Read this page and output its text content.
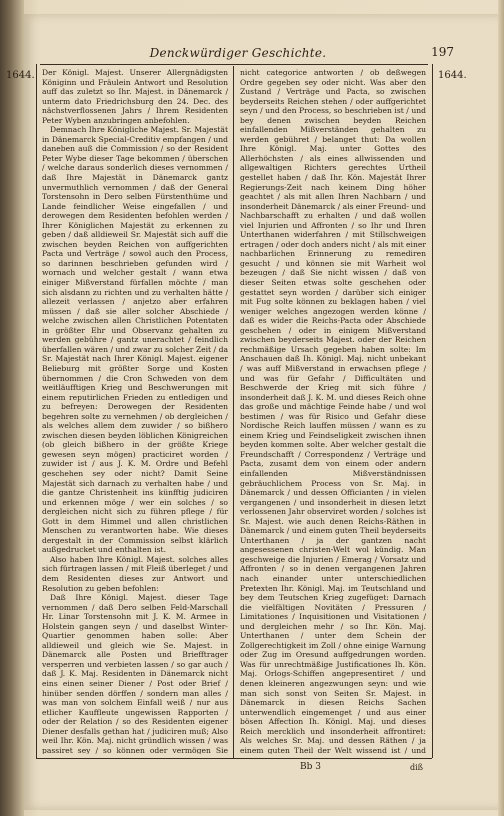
Denckwürdiger Geschichte.	197
1644.	1644.

Der Königl. Majest. Unserer Allergnädigsten Königinn und Fräulein Antwort und Resolution auff das zuletzt so Ihr. Majest. in Dänemarck / unterm dato Friedrichsburg den 24. Dec. des nächstverflossenen Jahrs / Ihrem Residenten Peter Wyben anzubringen anbefohlen.

Demnach Ihre Königliche Majest. Sr. Majestät in Dänemarck Special-Creditiv empfangen / und daneben auß die Commission / so der Resident Peter Wybe dieser Tage bekommen / überschen / welche daraus sonderlich dieses vernommen / daß Ihre Majestät in Dänemarck gantz unvermuthlich vernommen / daß der General Torstensohn in Dero selben Fürstenthüme und Lande feindlicher Weise eingefallen / und derowegen dem Residenten befohlen werden / Ihrer Königlichen Majestät zu erkennen zu geben / daß alldieweil Sr. Majestät sich auff die zwischen beyden Reichen von auffgerichten Pacta und Verträge / sowol auch den Process, so darinnen beschrieben gefunden wird / wornach und welcher gestalt / wann etwa einiger Mißverstand fürfallen möchte / man sich alsdann zu richten und zu verhalten hätte / allezeit verlassen / anjetzo aber erfahren müssen / daß sie aller solcher Abschiede / welche zwischen allen Christlichen Potentaten in größter Ehr und Observanz gehalten zu werden gebühre / gantz unerachtet / feindlich überfallen wären / und zwar zu solcher Zeit / da Sr. Majestät nach Ihrer Königl. Majest. eigener Belieburg mit größter Sorge und Kosten übernommen / die Cron Schweden von dem weitläufftigen Krieg und Beschwerungen mit einem reputirlichen Frieden zu entledigen und zu befreyen: Derowegen der Residenten begehren solte zu vernehmen / ob dergleichen / als welches allem dem zuwider / so bißhero zwischen diesen beyden löblichen Königreichen (ob gleich bißhero in der größte Kriege gewesen seyn mögen) practiciret worden / zuwider ist / aus J. K. M. Ordre und Befehl geschehen sey oder nicht? Damit Seine Majestät sich darnach zu verhalten habe / und die gantze Christenheit ins künfftig judiciren und erkennen möge / wer ein solches / so dergleichen nicht sich zu führen pflege / für Gott in dem Himmel und allen christlichen Menschen zu verantworten habe. Wie dieses dergestalt in der Commission selbst klärlich außgedrucket und enthalten ist.

Also haben Ihre Königl. Majest. solches alles sich fürtragen lassen / mit Fleiß überleget / und dem Residenten dieses zur Antwort und Resolution zu geben befohlen:

Daß Ihre Königl. Majest. dieser Tage vernommen / daß Dero selben Feld-Marschall Hr. Linar Torstensohn mit J. K. M. Armee in Holstein gangen seyn / und daselbst Winter-Quartier genommen haben solle: Aber alldieweil und gleich wie Se. Majest. in Dänemarck alle Posten und Briefftrager versperren und verbieten lassen / so gar auch / daß J. K. Maj. Residenten in Dänemarck nicht eins einen seiner Diener / Post oder Brief / hinüber senden dörffen / sondern man alles / was man von solchem Einfall weiß / nur aus etlicher Kauffleute ungewissen Rapporten / oder der Relation / so des Residenten eigener Diener desfalls gethan hat / judiciren muß; Also weil Ihr. Kön. Maj. nicht gründlich wissen / was passiret sey / so können oder vermögen Sie

nicht categorice antworten / ob deßwegen Ordre gegeben sey oder nicht. Was aber den Zustand / Verträge und Pacta, so zwischen beyderseits Reichen stehen / oder auffgerichtet seyn / und den Process, so beschrieben ist / und bey denen zwischen beyden Reichen einfallenden Mißverständen gehalten zu werden gebühret / belanget thut: Da wollen Ihre Königl. Maj. unter Gottes des Allerhöchsten / als eines allwissenden und allgewaltigen Richters gerechtes Urtheil gestellet haben / daß Ihr. Kön. Majestät Ihrer Regierungs-Zeit nach keinem Ding höher geachtet / als mit allen Ihren Nachbarn / und insonderheit Dänemarck / als einer Freund- und Nachbarschafft zu erhalten / und daß wollen viel Injurien und Affronten / so Ihr und Ihren Unterthanen widerfahren / mit Stillschweigen ertragen / oder doch anders nicht / als mit einer nachbarlichen Erinnerung zu remediren gesucht / und können sie mit Warheit wol bezeugen / daß Sie nicht wissen / daß von dieser Seiten etwas solte geschehen oder gestattet seyn worden / darüber sich einiger mit Fug solte können zu beklagen haben / viel weniger welches angezogen werden könne / daß es wider die Reichs-Pacta oder Abschiede geschehen / oder in einigem Mißverstand zwischen beyderseits Majest. oder der Reichen rechmäßige Ursach gegeben haben solte: Im Anschauen daß Ih. Königl. Maj. nicht unbekant / was auff Mißverstand in erwachsen pflege / und was für Gefahr / Difficultäten und Beschwerde der Krieg mit sich führe / insonderheit daß J. K. M. und dieses Reich ohne das große und mächtige Feinde habe / und wol bestimen / was für Risico und Gefahr diese Nordische Reich lauffen müssen / wann es zu einem Krieg und Feindseligkeit zwischen ihnen beyden kommen solte. Aber welcher gestalt die Freundschafft / Correspondenz / Verträge und Pacta, zusamt dem von einem oder andern einfallenden Mißverständnissen gebräuchlichem Process von Sr. Maj. in Dänemarck / und dessen Officianten / in vielen vergangenen / und insonderheit in diesen letzt verlossenen Jahr observiret worden / solches ist Sr. Majest. wie auch denen Reichs-Räthen in Dänemarck / und einem guten Theil beyderseits Unterthanen / ja der gantzen nacht angesessenen christen-Welt wol kündig. Man geschweige die Injurien / Emerag / Vorsatz und Affronten / so in denen vergangenen Jahren nach einander unter unterschiedlichen Pretexten Ihr. Königl. Maj. im Teutschland und bey dem Teutschen Krieg zugefüget: Darnach die vielfältigen Novitäten / Pressuren / Limitationes / Inquisitionen und Visitationen / und dergleichen mehr / so Ihr. Kön. Maj. Unterthanen / unter dem Schein der Zollgerechtigkeit im Zoll / ohne einige Warnung oder Zug im Oresund auffgedrungen worden. Was für unrechtmäßige Justificationes Ih. Kön. Maj. Orlogs-Schiffen angepresentiret / und denen kleineren angezwungen seyn: und wie man sich sonst von Seiten Sr. Majest. in Dänemarck in diesen Reichs Sachen unterwendlich eingemenget / und aus einer bösen Affection Ih. Königl. Maj. und dieses Reich mercklich und insonderheit affrontiret: Als welches Sr. Maj. und dessen Räthen / ja einem guten Theil der Welt wissend ist / und

Bb 3	diß
